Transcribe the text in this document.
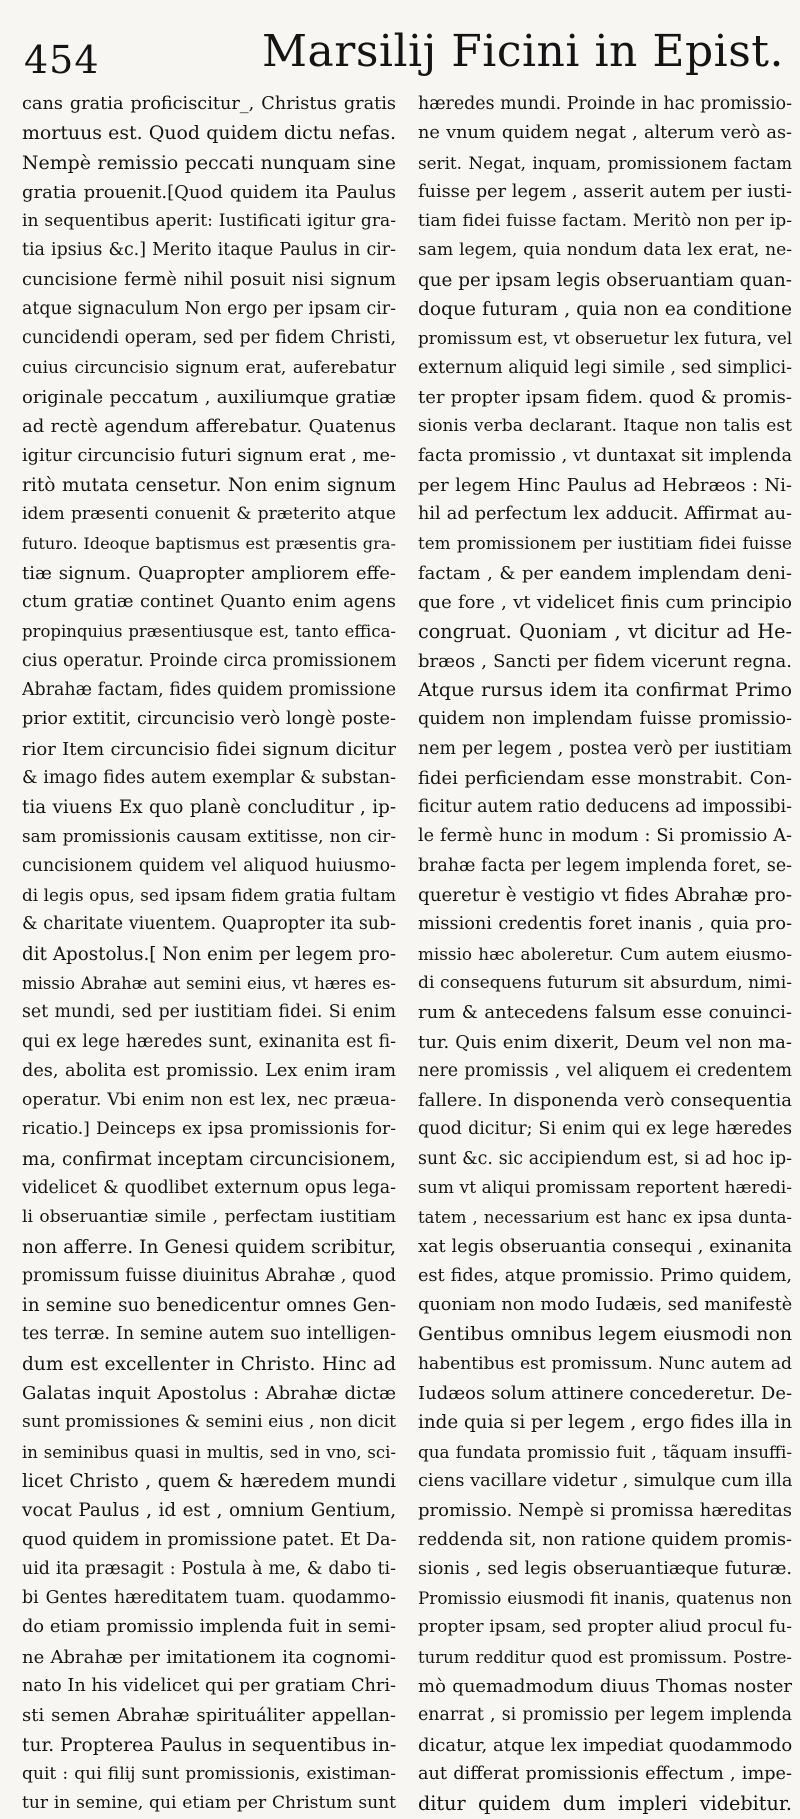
454	Marsilij Ficini in Epist.
cans gratia proficiscitur_, Christus gratis
mortuus est. Quod quidem dictu nefas.
Nempè remissio peccati nunquam sine
gratia prouenit.[Quod quidem ita Paulus
in sequentibus aperit: Iustificati igitur gra-
tia ipsius &c.] Merito itaque Paulus in cir-
cuncisione fermè nihil posuit nisi signum
atque signaculum Non ergo per ipsam cir-
cuncidendi operam, sed per fidem Christi,
cuius circuncisio signum erat, auferebatur
originale peccatum , auxiliumque gratiæ
ad rectè agendum afferebatur. Quatenus
igitur circuncisio futuri signum erat , me-
ritò mutata censetur. Non enim signum
idem præsenti conuenit & præterito atque
futuro. Ideoque baptismus est præsentis gra-
tiæ signum. Quapropter ampliorem effe-
ctum gratiæ continet Quanto enim agens
propinquius præsentiusque est, tanto effica-
cius operatur. Proinde circa promissionem
Abrahæ factam, fides quidem promissione
prior extitit, circuncisio verò longè poste-
rior Item circuncisio fidei signum dicitur
& imago fides autem exemplar & substan-
tia viuens Ex quo planè concluditur , ip-
sam promissionis causam extitisse, non cir-
cuncisionem quidem vel aliquod huiusmo-
di legis opus, sed ipsam fidem gratia fultam
& charitate viuentem. Quapropter ita sub-
dit Apostolus.[ Non enim per legem pro-
missio Abrahæ aut semini eius, vt hæres es-
set mundi, sed per iustitiam fidei. Si enim
qui ex lege hæredes sunt, exinanita est fi-
des, abolita est promissio. Lex enim iram
operatur. Vbi enim non est lex, nec præua-
ricatio.] Deinceps ex ipsa promissionis for-
ma, confirmat inceptam circuncisionem,
videlicet & quodlibet externum opus lega-
li obseruantiæ simile , perfectam iustitiam
non afferre. In Genesi quidem scribitur,
promissum fuisse diuinitus Abrahæ , quod
in semine suo benedicentur omnes Gen-
tes terræ. In semine autem suo intelligen-
dum est excellenter in Christo. Hinc ad
Galatas inquit Apostolus : Abrahæ dictæ
sunt promissiones & semini eius , non dicit
in seminibus quasi in multis, sed in vno, sci-
licet Christo , quem & hæredem mundi
vocat Paulus , id est , omnium Gentium,
quod quidem in promissione patet. Et Da-
uid ita præsagit : Postula à me, & dabo ti-
bi Gentes hæreditatem tuam. quodammo-
do etiam promissio implenda fuit in semi-
ne Abrahæ per imitationem ita cognomi-
nato In his videlicet qui per gratiam Chri-
sti semen Abrahæ spirituáliter appellan-
tur. Propterea Paulus in sequentibus in-
quit : qui filij sunt promissionis, existiman-
tur in semine, qui etiam per Christum sunt
hæredes mundi. Proinde in hac promissio-
ne vnum quidem negat , alterum verò as-
serit. Negat, inquam, promissionem factam
fuisse per legem , asserit autem per iusti-
tiam fidei fuisse factam. Meritò non per ip-
sam legem, quia nondum data lex erat, ne-
que per ipsam legis obseruantiam quan-
doque futuram , quia non ea conditione
promissum est, vt obseruetur lex futura, vel
externum aliquid legi simile , sed simplici-
ter propter ipsam fidem. quod & promis-
sionis verba declarant. Itaque non talis est
facta promissio , vt duntaxat sit implenda
per legem Hinc Paulus ad Hebræos : Ni-
hil ad perfectum lex adducit. Affirmat au-
tem promissionem per iustitiam fidei fuisse
factam , & per eandem implendam deni-
que fore , vt videlicet finis cum principio
congruat. Quoniam , vt dicitur ad He-
bræos , Sancti per fidem vicerunt regna.
Atque rursus idem ita confirmat Primo
quidem non implendam fuisse promissio-
nem per legem , postea verò per iustitiam
fidei perficiendam esse monstrabit. Con-
ficitur autem ratio deducens ad impossibi-
le fermè hunc in modum : Si promissio A-
brahæ facta per legem implenda foret, se-
queretur è vestigio vt fides Abrahæ pro-
missioni credentis foret inanis , quia pro-
missio hæc aboleretur. Cum autem eiusmo-
di consequens futurum sit absurdum, nimi-
rum & antecedens falsum esse conuinci-
tur. Quis enim dixerit, Deum vel non ma-
nere promissis , vel aliquem ei credentem
fallere. In disponenda verò consequentia
quod dicitur; Si enim qui ex lege hæredes
sunt &c. sic accipiendum est, si ad hoc ip-
sum vt aliqui promissam reportent hæredi-
tatem , necessarium est hanc ex ipsa dunta-
xat legis obseruantia consequi , exinanita
est fides, atque promissio. Primo quidem,
quoniam non modo Iudæis, sed manifestè
Gentibus omnibus legem eiusmodi non
habentibus est promissum. Nunc autem ad
Iudæos solum attinere concederetur. De-
inde quia si per legem , ergo fides illa in
qua fundata promissio fuit , tãquam insuffi-
ciens vacillare videtur , simulque cum illa
promissio. Nempè si promissa hæreditas
reddenda sit, non ratione quidem promis-
sionis , sed legis obseruantiæque futuræ.
Promissio eiusmodi fit inanis, quatenus non
propter ipsam, sed propter aliud procul fu-
turum redditur quod est promissum. Postre-
mò quemadmodum diuus Thomas noster
enarrat , si promissio per legem implenda
dicatur, atque lex impediat quodammodo
aut differat promissionis effectum , impe-
ditur quidem dum impleri videbitur.
